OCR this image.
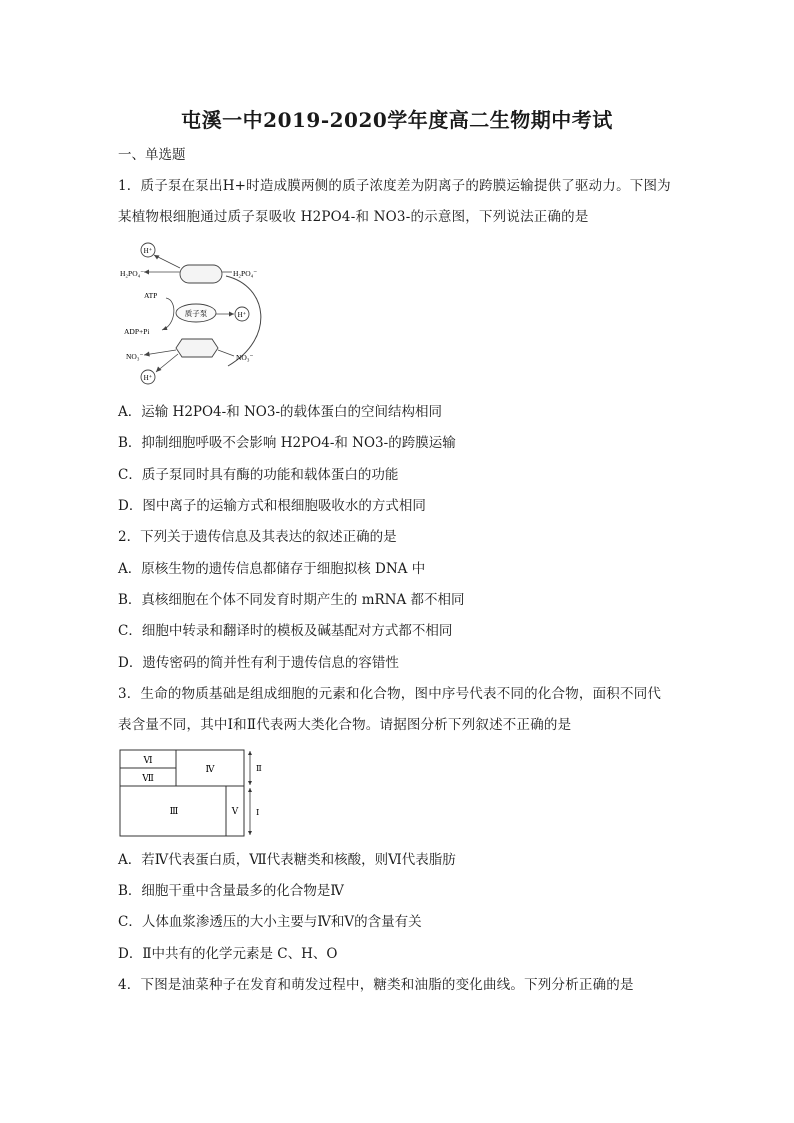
屯溪一中2019-2020学年度高二生物期中考试
一、单选题
1．质子泵在泵出H+时造成膜两侧的质子浓度差为阴离子的跨膜运输提供了驱动力。下图为
某植物根细胞通过质子泵吸收 H2PO4-和 NO3-的示意图，下列说法正确的是
H⁺
H₂PO₄⁻	H₂PO₄⁻
质子泵
ATP
ADP+Pi
H⁺
NO₃⁻	NO₃⁻
H⁺
A．运输 H2PO4-和 NO3-的载体蛋白的空间结构相同
B．抑制细胞呼吸不会影响 H2PO4-和 NO3-的跨膜运输
C．质子泵同时具有酶的功能和载体蛋白的功能
D．图中离子的运输方式和根细胞吸收水的方式相同
2．下列关于遗传信息及其表达的叙述正确的是
A．原核生物的遗传信息都储存于细胞拟核 DNA 中
B．真核细胞在个体不同发育时期产生的 mRNA 都不相同
C．细胞中转录和翻译时的模板及碱基配对方式都不相同
D．遗传密码的简并性有利于遗传信息的容错性
3．生命的物质基础是组成细胞的元素和化合物，图中序号代表不同的化合物，面积不同代
表含量不同，其中Ⅰ和Ⅱ代表两大类化合物。请据图分析下列叙述不正确的是
Ⅵ
Ⅶ
Ⅳ
Ⅲ	Ⅴ
Ⅱ
Ⅰ
A．若Ⅳ代表蛋白质，Ⅶ代表糖类和核酸，则Ⅵ代表脂肪
B．细胞干重中含量最多的化合物是Ⅳ
C．人体血浆渗透压的大小主要与Ⅳ和Ⅴ的含量有关
D．Ⅱ中共有的化学元素是 C、H、O
4．下图是油菜种子在发育和萌发过程中，糖类和油脂的变化曲线。下列分析正确的是
